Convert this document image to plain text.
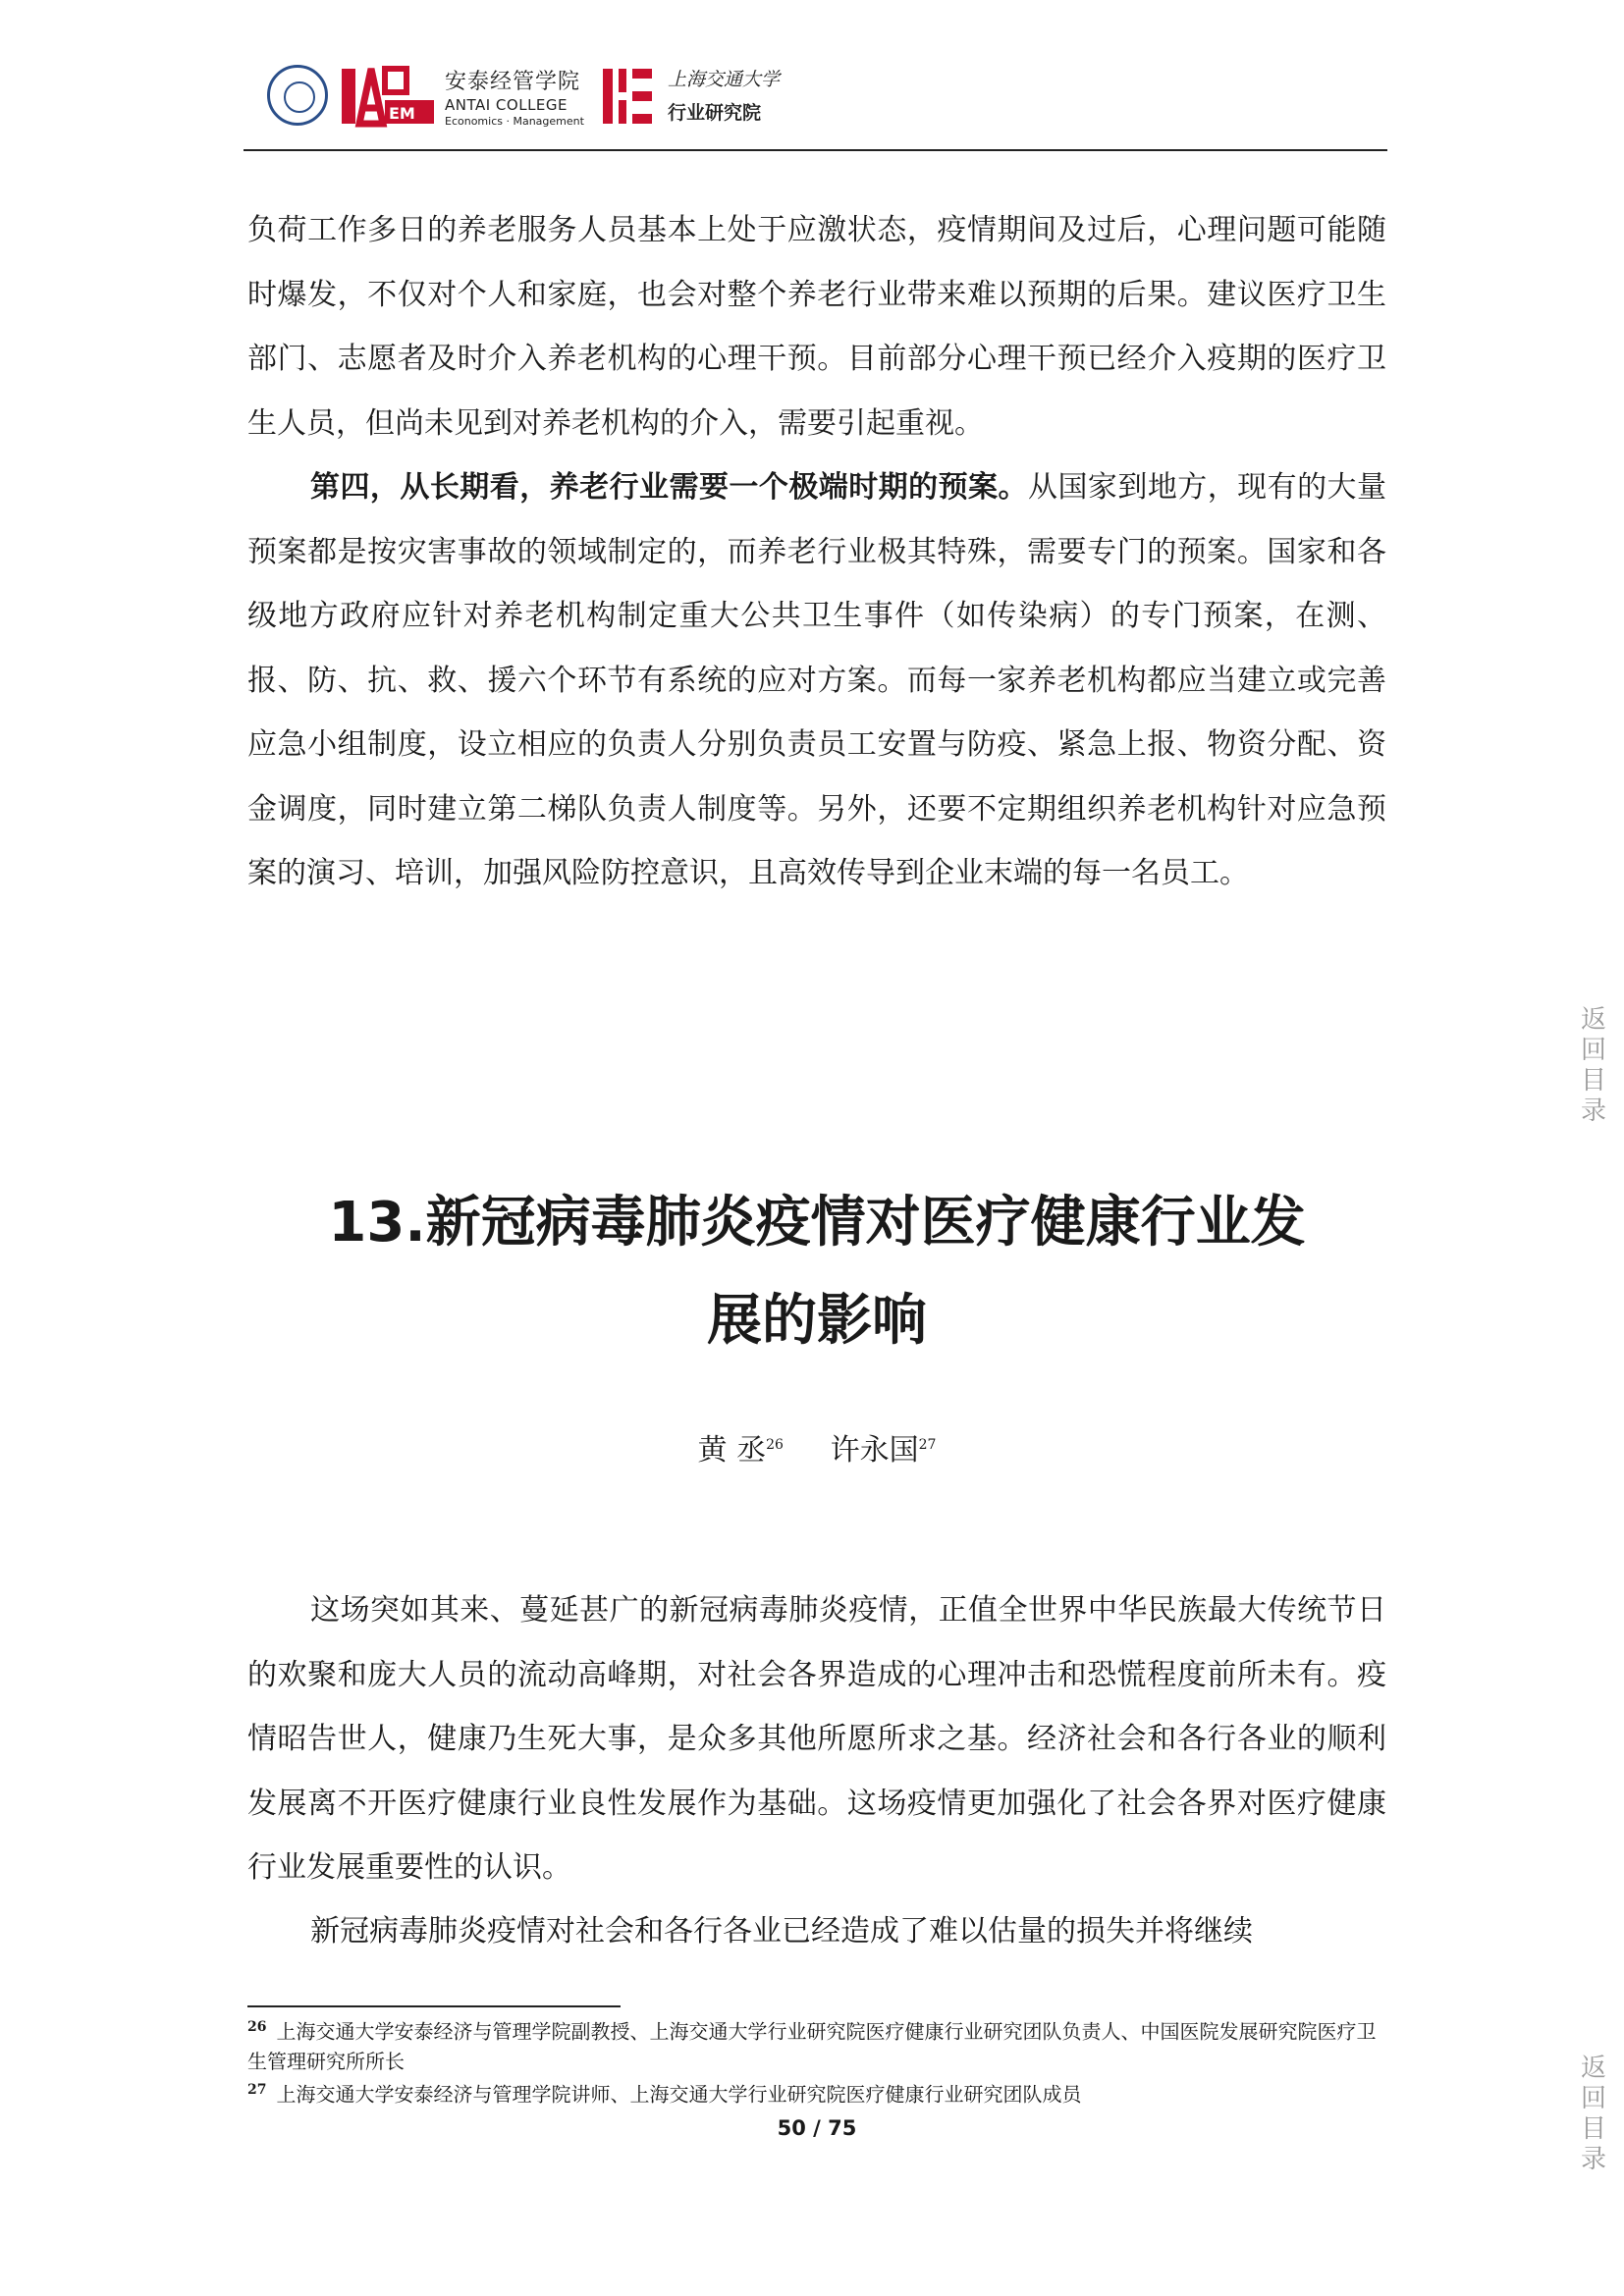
EM
安泰经管学院
ANTAI COLLEGE
Economics · Management
上海交通大学
行业研究院

负荷工作多日的养老服务人员基本上处于应激状态，疫情期间及过后，心理问题可能随时爆发，不仅对个人和家庭，也会对整个养老行业带来难以预期的后果。建议医疗卫生部门、志愿者及时介入养老机构的心理干预。目前部分心理干预已经介入疫期的医疗卫生人员，但尚未见到对养老机构的介入，需要引起重视。

第四，从长期看，养老行业需要一个极端时期的预案。从国家到地方，现有的大量预案都是按灾害事故的领域制定的，而养老行业极其特殊，需要专门的预案。国家和各级地方政府应针对养老机构制定重大公共卫生事件（如传染病）的专门预案，在测、报、防、抗、救、援六个环节有系统的应对方案。而每一家养老机构都应当建立或完善应急小组制度，设立相应的负责人分别负责员工安置与防疫、紧急上报、物资分配、资金调度，同时建立第二梯队负责人制度等。另外，还要不定期组织养老机构针对应急预案的演习、培训，加强风险防控意识，且高效传导到企业末端的每一名员工。

13.新冠病毒肺炎疫情对医疗健康行业发
展的影响
黄 丞$^{26}$ 许永国$^{27}$

这场突如其来、蔓延甚广的新冠病毒肺炎疫情，正值全世界中华民族最大传统节日的欢聚和庞大人员的流动高峰期，对社会各界造成的心理冲击和恐慌程度前所未有。疫情昭告世人，健康乃生死大事，是众多其他所愿所求之基。经济社会和各行各业的顺利发展离不开医疗健康行业良性发展作为基础。这场疫情更加强化了社会各界对医疗健康行业发展重要性的认识。

新冠病毒肺炎疫情对社会和各行各业已经造成了难以估量的损失并将继续

$^{26}$ 上海交通大学安泰经济与管理学院副教授、上海交通大学行业研究院医疗健康行业研究团队负责人、中国医院发展研究院医疗卫生管理研究所所长
$^{27}$ 上海交通大学安泰经济与管理学院讲师、上海交通大学行业研究院医疗健康行业研究团队成员
50 / 75
返回目录
返回目录
